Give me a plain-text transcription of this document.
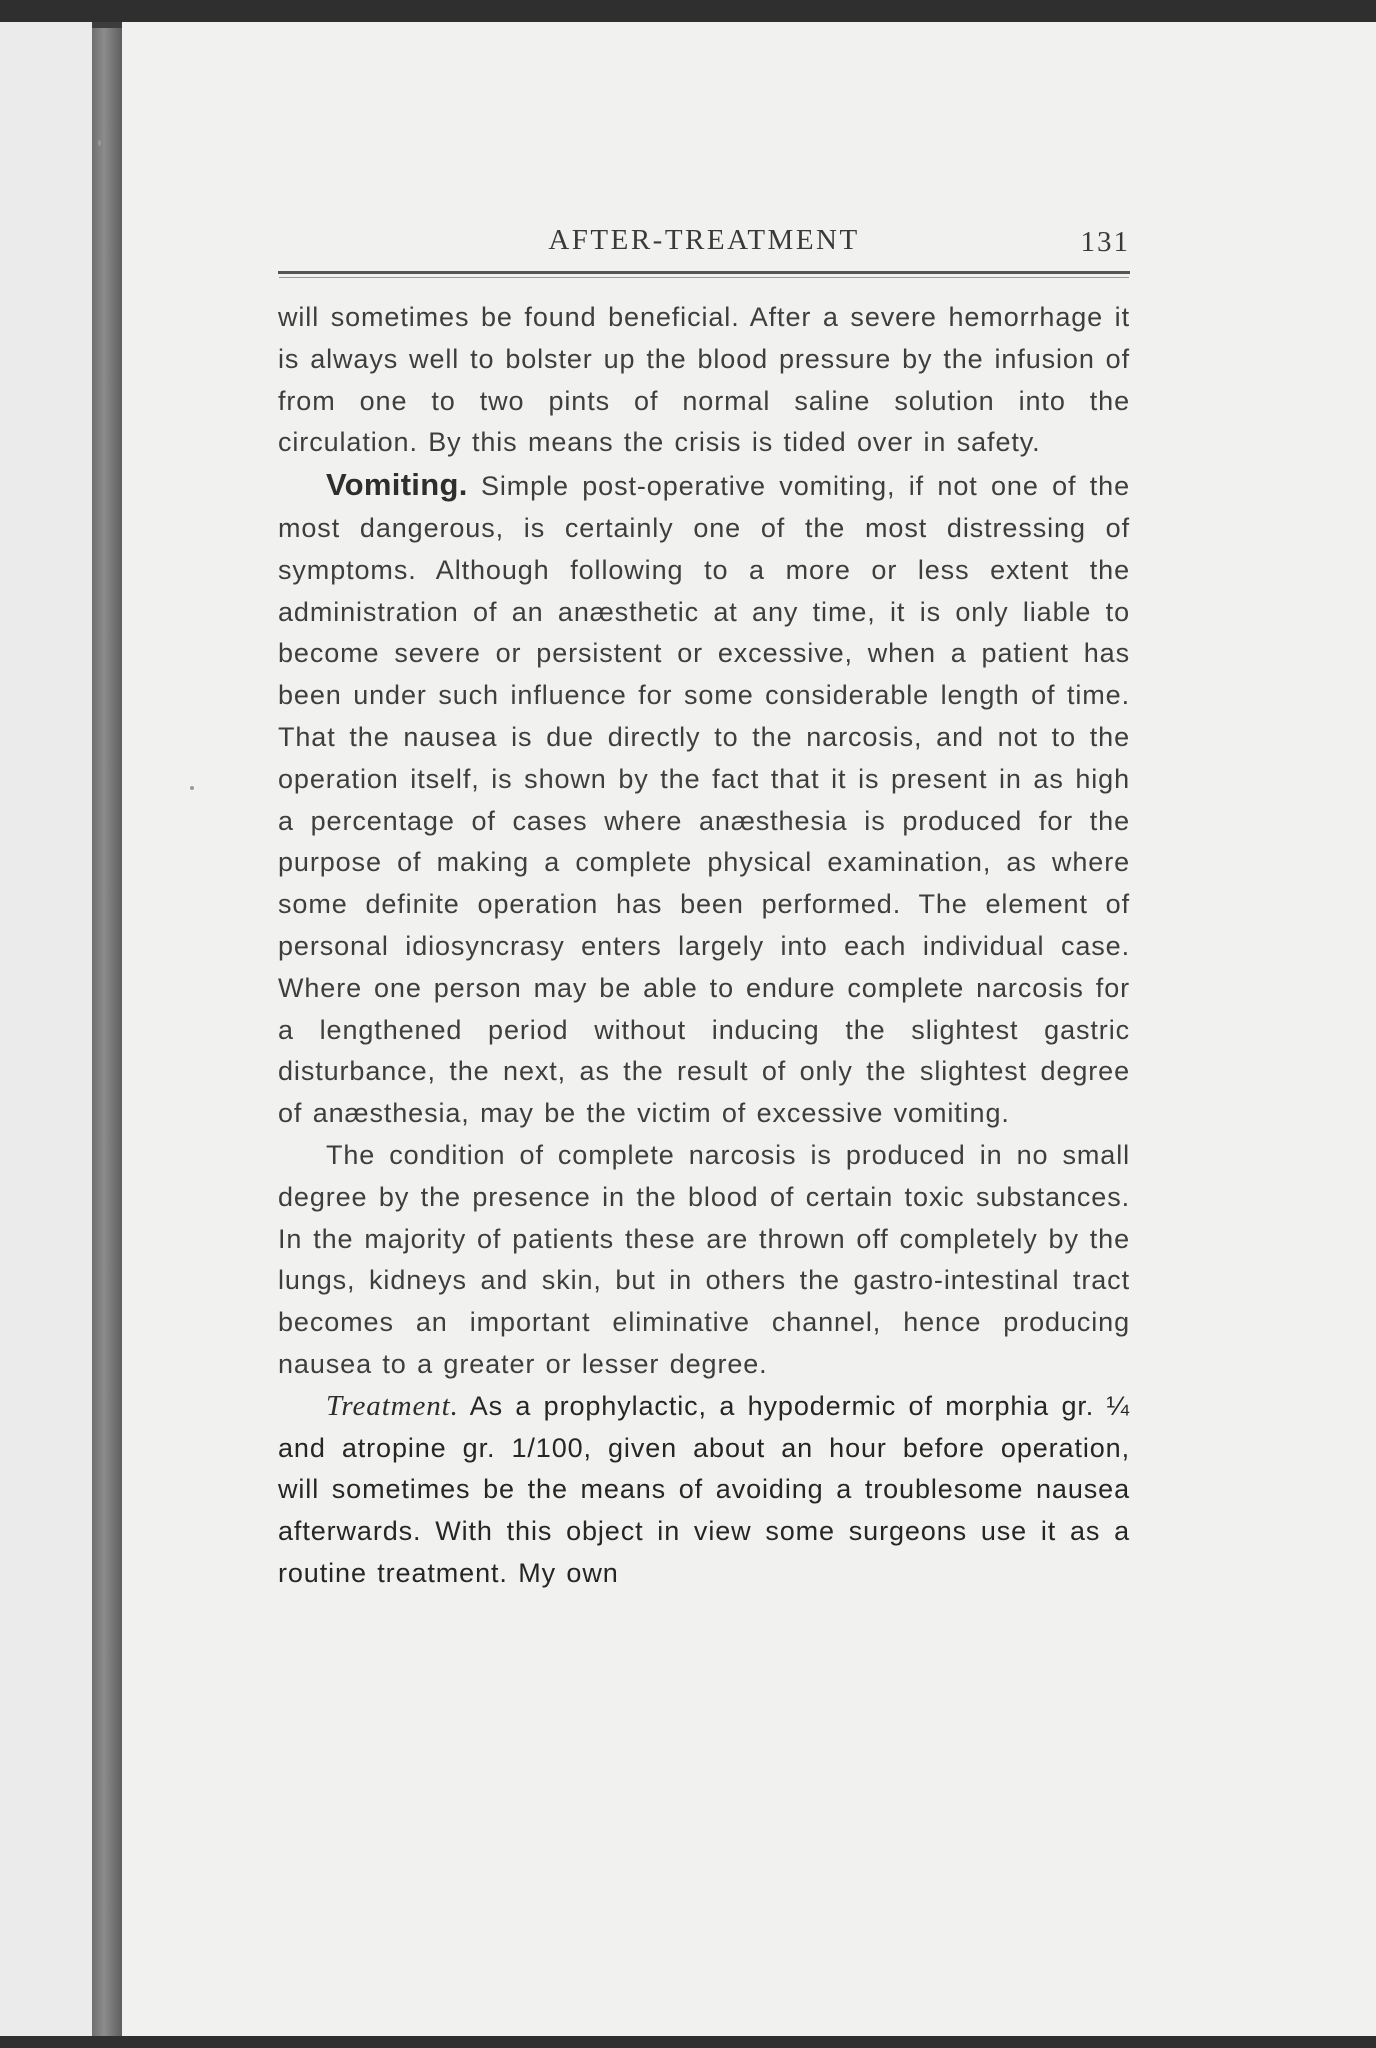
AFTER-TREATMENT	131

will sometimes be found beneficial. After a severe hemorrhage it is always well to bolster up the blood pressure by the infusion of from one to two pints of normal saline solution into the circulation. By this means the crisis is tided over in safety.

Vomiting. Simple post-operative vomiting, if not one of the most dangerous, is certainly one of the most distressing of symptoms. Although following to a more or less extent the administration of an anæsthetic at any time, it is only liable to become severe or persistent or excessive, when a patient has been under such influence for some considerable length of time. That the nausea is due directly to the narcosis, and not to the operation itself, is shown by the fact that it is present in as high a percentage of cases where anæsthesia is produced for the purpose of making a complete physical examination, as where some definite operation has been performed. The element of personal idiosyncrasy enters largely into each individual case. Where one person may be able to endure complete narcosis for a lengthened period without inducing the slightest gastric disturbance, the next, as the result of only the slightest degree of anæsthesia, may be the victim of excessive vomiting.

The condition of complete narcosis is produced in no small degree by the presence in the blood of certain toxic substances. In the majority of patients these are thrown off completely by the lungs, kidneys and skin, but in others the gastro-intestinal tract becomes an important eliminative channel, hence producing nausea to a greater or lesser degree.

Treatment. As a prophylactic, a hypodermic of morphia gr. ¼ and atropine gr. 1/100, given about an hour before operation, will sometimes be the means of avoiding a troublesome nausea afterwards. With this object in view some surgeons use it as a routine treatment. My own
